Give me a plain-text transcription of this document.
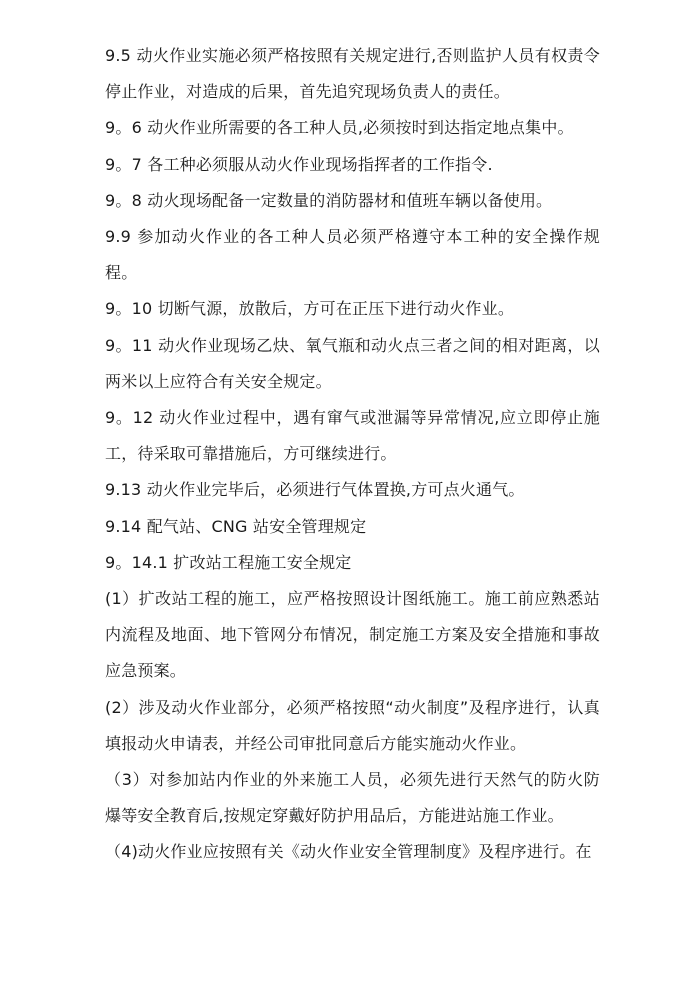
9.5 动火作业实施必须严格按照有关规定进行,否则监护人员有权责令停止作业，对造成的后果，首先追究现场负责人的责任。

9。6 动火作业所需要的各工种人员,必须按时到达指定地点集中。

9。7 各工种必须服从动火作业现场指挥者的工作指令.

9。8 动火现场配备一定数量的消防器材和值班车辆以备使用。

9.9 参加动火作业的各工种人员必须严格遵守本工种的安全操作规程。

9。10 切断气源，放散后，方可在正压下进行动火作业。

9。11 动火作业现场乙炔、氧气瓶和动火点三者之间的相对距离，以两米以上应符合有关安全规定。

9。12 动火作业过程中，遇有窜气或泄漏等异常情况,应立即停止施工，待采取可靠措施后，方可继续进行。

9.13 动火作业完毕后，必须进行气体置换,方可点火通气。

9.14 配气站、CNG 站安全管理规定

9。14.1 扩改站工程施工安全规定

(1）扩改站工程的施工，应严格按照设计图纸施工。施工前应熟悉站内流程及地面、地下管网分布情况，制定施工方案及安全措施和事故应急预案。

(2）涉及动火作业部分，必须严格按照“动火制度”及程序进行，认真填报动火申请表，并经公司审批同意后方能实施动火作业。

（3）对参加站内作业的外来施工人员，必须先进行天然气的防火防爆等安全教育后,按规定穿戴好防护用品后，方能进站施工作业。

（4)动火作业应按照有关《动火作业安全管理制度》及程序进行。在
